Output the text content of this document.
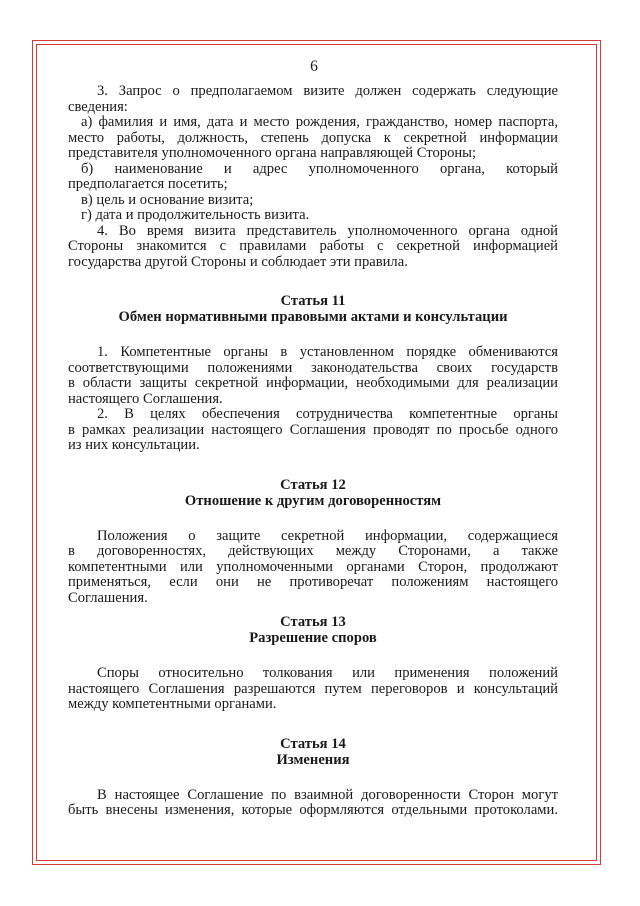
6
3. Запрос о предполагаемом визите должен содержать следующие
сведения:
а) фамилия и имя, дата и место рождения, гражданство, номер паспорта,
место работы, должность, степень допуска к секретной информации
представителя уполномоченного органа направляющей Стороны;
б) наименование и адрес уполномоченного органа, который
предполагается посетить;
в) цель и основание визита;
г) дата и продолжительность визита.
4. Во время визита представитель уполномоченного органа одной
Стороны знакомится с правилами работы с секретной информацией
государства другой Стороны и соблюдает эти правила.
Статья 11
Обмен нормативными правовыми актами и консультации
1. Компетентные органы в установленном порядке обмениваются
соответствующими положениями законодательства своих государств
в области защиты секретной информации, необходимыми для реализации
настоящего Соглашения.
2. В целях обеспечения сотрудничества компетентные органы
в рамках реализации настоящего Соглашения проводят по просьбе одного
из них консультации.
Статья 12
Отношение к другим договоренностям
Положения о защите секретной информации, содержащиеся
в договоренностях, действующих между Сторонами, а также
компетентными или уполномоченными органами Сторон, продолжают
применяться, если они не противоречат положениям настоящего
Соглашения.
Статья 13
Разрешение споров
Споры относительно толкования или применения положений
настоящего Соглашения разрешаются путем переговоров и консультаций
между компетентными органами.
Статья 14
Изменения
В настоящее Соглашение по взаимной договоренности Сторон могут
быть внесены изменения, которые оформляются отдельными протоколами.
